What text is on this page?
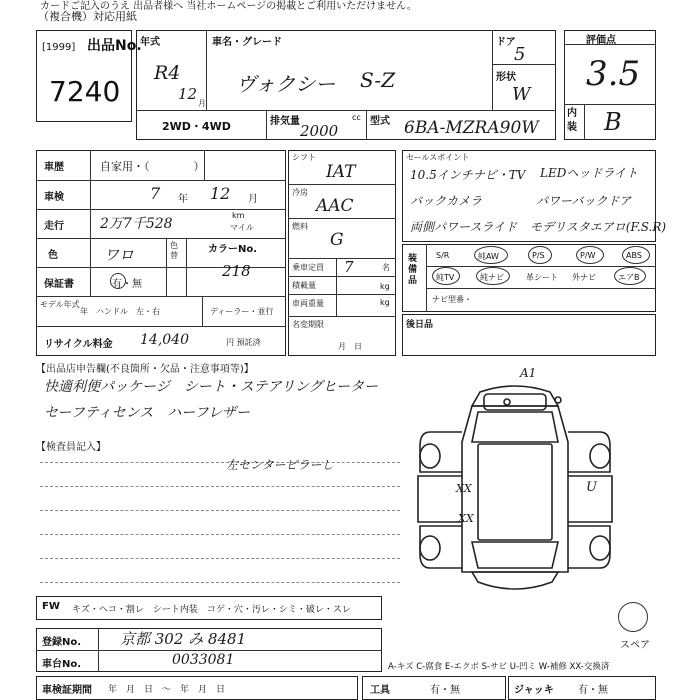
カードご記入のうえ 出品者様へ 当社ホームページの掲載とご利用いただけません。
（複合機）対応用紙
出品No.
[1999]
7240
年式
R4
12
月
車名・グレード
ヴォクシー S-Z
ドア
5
形状
W
2WD・4WD	排気量	cc
2000
型式 6BA-MZRA90W
評価点
3.5
内装 B
車歴	自家用・（　　　　）
車検	7 年 12 月
走行	2万7千528
km
マイル
色	ワロ
色替
カラーNo.
218
保証書	有・無
モデル年式
年　ハンドル　左・右	ディーラー・並行
リサイクル料金 14,040	円 預託済
シフト
IAT
冷房
AAC
燃料
G
乗車定員 7	名
積載量	kg
車両重量	kg
名変期限
月　日
セールスポイント
10.5インチナビ・TV LEDヘッドライト
バックカメラ	パワーバックドア
両側パワースライド モデリスタエアロ(F.S.R)
装備品
S/R	純AW	P/S	P/W	ABS
純TV	純ナビ	革シート 外ナビ	エアB
ナビ型番・
後日品
【出品店申告欄(不良箇所・欠品・注意事項等)】
快適利便パッケージ　シート・ステアリングヒーター
セーフティセンス　ハーフレザー
【検査員記入】
左センターピラーし
A1
XX
XX
U
スペア
FW キズ・ヘコ・割レ　シート内装　コゲ・穴・汚レ・シミ・破レ・スレ
登録No.	京都 302 み 8481
車台No.	0033081	A-キズ C-腐食 E-エクボ S-サビ U-凹ミ W-補修 XX-交換済
車検証期間 年　月　日　〜　年　月　日	工具	有・無	ジャッキ 有・無
